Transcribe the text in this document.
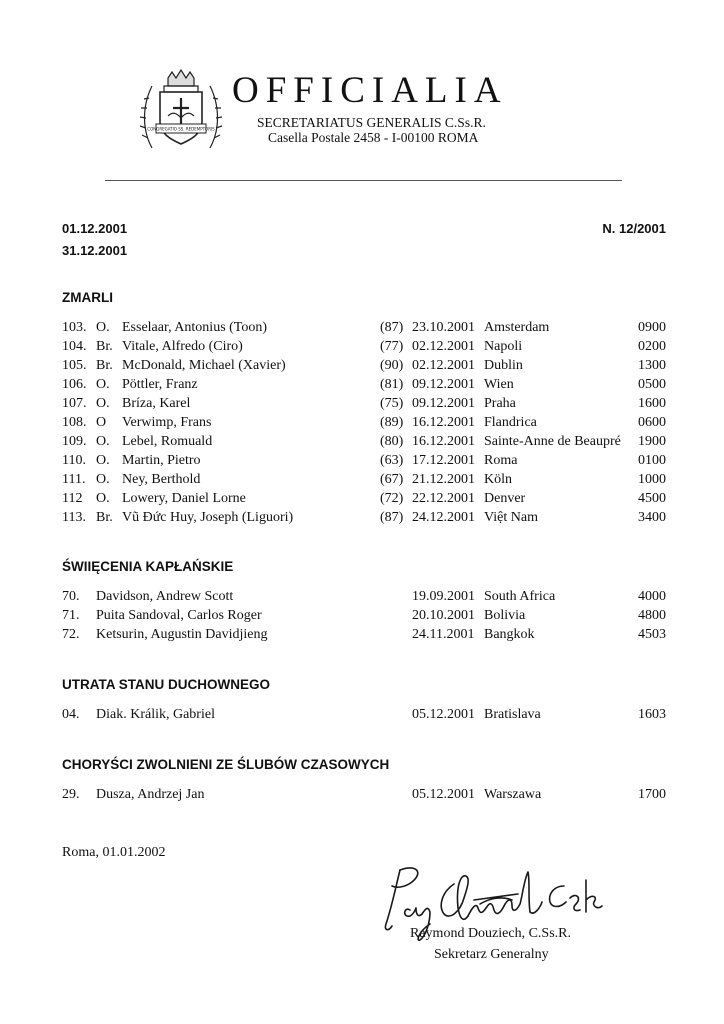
CONGREGATIO SS. REDEMPTORIS
OFFICIALIA
SECRETARIATUS GENERALIS C.Ss.R.
Casella Postale 2458 - I-00100 ROMA
01.12.2001
31.12.2001
N. 12/2001
ZMARLI
103. O. Esselaar, Antonius (Toon)	(87) 23.10.2001 Amsterdam	0900
104. Br. Vitale, Alfredo (Ciro)	(77) 02.12.2001 Napoli	0200
105. Br. McDonald, Michael (Xavier)	(90) 02.12.2001 Dublin	1300
106. O. Pöttler, Franz	(81) 09.12.2001 Wien	0500
107. O. Bríza, Karel	(75) 09.12.2001 Praha	1600
108. O Verwimp, Frans	(89) 16.12.2001 Flandrica	0600
109. O. Lebel, Romuald	(80) 16.12.2001 Sainte-Anne de Beaupré 1900
110. O. Martin, Pietro	(63) 17.12.2001 Roma	0100
111. O. Ney, Berthold	(67) 21.12.2001 Köln	1000
112 O. Lowery, Daniel Lorne	(72) 22.12.2001 Denver	4500
113. Br. Vũ Đức Huy, Joseph (Liguori)	(87) 24.12.2001 Việt Nam	3400
ŚWIIĘCENIA KAPŁAŃSKIE
70. Davidson, Andrew Scott	19.09.2001 South Africa	4000
71. Puita Sandoval, Carlos Roger	20.10.2001 Bolivia	4800
72. Ketsurin, Augustin Davidjieng	24.11.2001 Bangkok	4503
UTRATA STANU DUCHOWNEGO
04. Diak. Králik, Gabriel	05.12.2001 Bratislava	1603
CHORYŚCI ZWOLNIENI ZE ŚLUBÓW CZASOWYCH
29. Dusza, Andrzej Jan	05.12.2001 Warszawa	1700
Roma, 01.01.2002
Raymond Douziech, C.Ss.R.
Sekretarz Generalny
